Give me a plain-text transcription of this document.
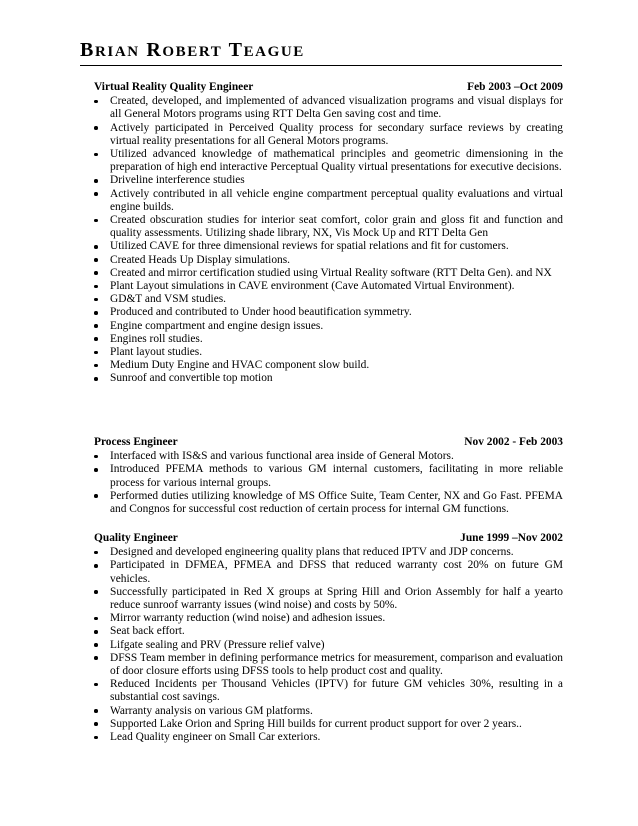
BRIAN ROBERT TEAGUE
Virtual Reality Quality Engineer	Feb 2003 –Oct 2009
Created, developed, and implemented of advanced visualization programs and visual displays for all General Motors programs using RTT Delta Gen saving cost and time.
Actively participated in Perceived Quality process for secondary surface reviews by creating virtual reality presentations for all General Motors programs.
Utilized advanced knowledge of mathematical principles and geometric dimensioning in the preparation of high end interactive Perceptual Quality virtual presentations for executive decisions.
Driveline interference studies
Actively contributed in all vehicle engine compartment perceptual quality evaluations and virtual engine builds.
Created obscuration studies for interior seat comfort, color grain and gloss fit and function and quality assessments. Utilizing shade library, NX, Vis Mock Up and RTT Delta Gen
Utilized CAVE for three dimensional reviews for spatial relations and fit for customers.
Created Heads Up Display simulations.
Created and mirror certification studied using Virtual Reality software (RTT Delta Gen). and NX
Plant Layout simulations in CAVE environment (Cave Automated Virtual Environment).
GD&T and VSM studies.
Produced and contributed to Under hood beautification symmetry.
Engine compartment and engine design issues.
Engines roll studies.
Plant layout studies.
Medium Duty Engine and HVAC component slow build.
Sunroof and convertible top motion
Process Engineer	Nov 2002 - Feb 2003
Interfaced with IS&S and various functional area inside of General Motors.
Introduced PFEMA methods to various GM internal customers, facilitating in more reliable process for various internal groups.
Performed duties utilizing knowledge of MS Office Suite, Team Center, NX and Go Fast. PFEMA and Congnos for successful cost reduction of certain process for internal GM functions.
Quality Engineer	June 1999 –Nov 2002
Designed and developed engineering quality plans that reduced IPTV and JDP concerns.
Participated in DFMEA, PFMEA and DFSS that reduced warranty cost 20% on future GM vehicles.
Successfully participated in Red X groups at Spring Hill and Orion Assembly for half a yearto reduce sunroof warranty issues (wind noise) and costs by 50%.
Mirror warranty reduction (wind noise) and adhesion issues.
Seat back effort.
Lifgate sealing and PRV (Pressure relief valve)
DFSS Team member in defining performance metrics for measurement, comparison and evaluation of door closure efforts using DFSS tools to help product cost and quality.
Reduced Incidents per Thousand Vehicles (IPTV) for future GM vehicles 30%, resulting in a substantial cost savings.
Warranty analysis on various GM platforms.
Supported Lake Orion and Spring Hill builds for current product support for over 2 years..
Lead Quality engineer on Small Car exteriors.
